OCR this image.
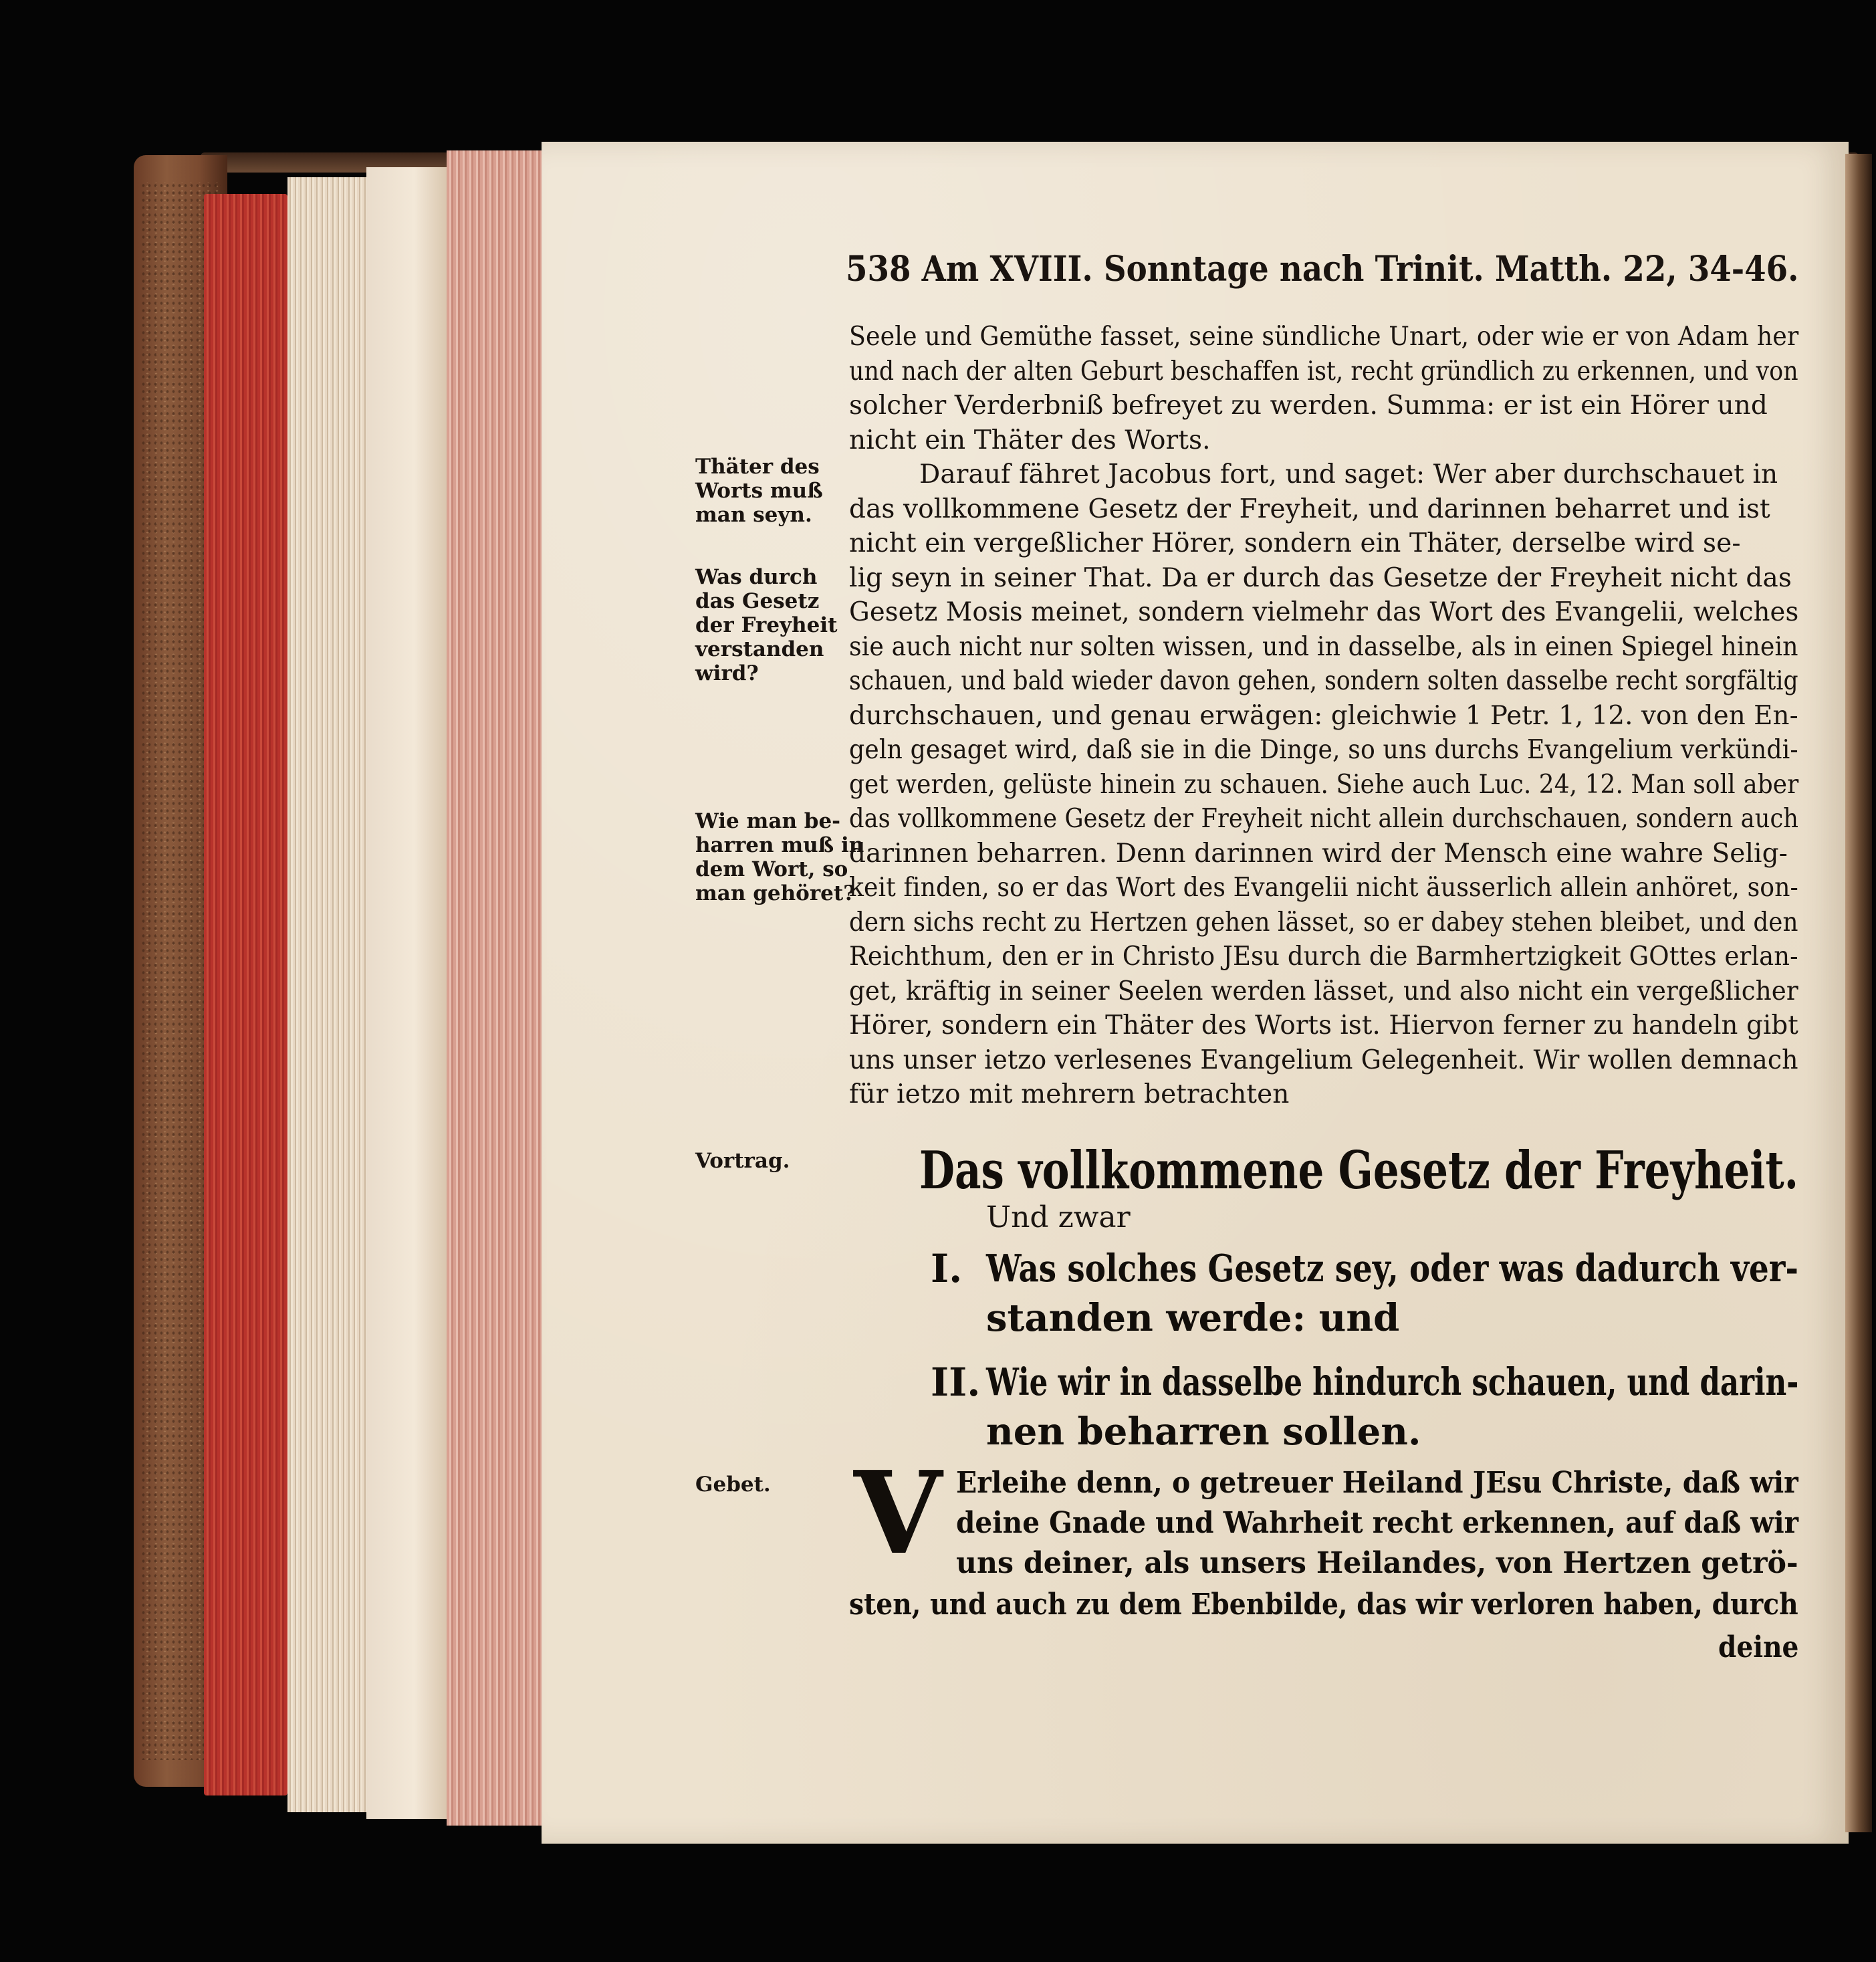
538 Am XVIII. Sonntage nach Trinit. Matth. 22, 34-46.
Seele und Gemüthe fasset, seine sündliche Unart, oder wie er von Adam her
und nach der alten Geburt beschaffen ist, recht gründlich zu erkennen, und von
solcher Verderbniß befreyet zu werden. Summa: er ist ein Hörer und
nicht ein Thäter des Worts.
Darauf fähret Jacobus fort, und saget: Wer aber durchschauet in
das vollkommene Gesetz der Freyheit, und darinnen beharret und ist
nicht ein vergeßlicher Hörer, sondern ein Thäter, derselbe wird se-
lig seyn in seiner That. Da er durch das Gesetze der Freyheit nicht das
Gesetz Mosis meinet, sondern vielmehr das Wort des Evangelii, welches
sie auch nicht nur solten wissen, und in dasselbe, als in einen Spiegel hinein
schauen, und bald wieder davon gehen, sondern solten dasselbe recht sorgfältig
durchschauen, und genau erwägen: gleichwie 1 Petr. 1, 12. von den En-
geln gesaget wird, daß sie in die Dinge, so uns durchs Evangelium verkündi-
get werden, gelüste hinein zu schauen. Siehe auch Luc. 24, 12. Man soll aber
das vollkommene Gesetz der Freyheit nicht allein durchschauen, sondern auch
darinnen beharren. Denn darinnen wird der Mensch eine wahre Selig-
keit finden, so er das Wort des Evangelii nicht äusserlich allein anhöret, son-
dern sichs recht zu Hertzen gehen lässet, so er dabey stehen bleibet, und den
Reichthum, den er in Christo JEsu durch die Barmhertzigkeit GOttes erlan-
get, kräftig in seiner Seelen werden lässet, und also nicht ein vergeßlicher
Hörer, sondern ein Thäter des Worts ist. Hiervon ferner zu handeln gibt
uns unser ietzo verlesenes Evangelium Gelegenheit. Wir wollen demnach
für ietzo mit mehrern betrachten
Thäter des
Worts muß
man seyn.
Was durch
das Gesetz
der Freyheit
verstanden
wird?
Wie man be-
harren muß in
dem Wort, so
man gehöret?
Vortrag.
Gebet.
Das vollkommene Gesetz der Freyheit.
Und zwar
I. Was solches Gesetz sey, oder was dadurch ver-
standen werde: und
II. Wie wir in dasselbe hindurch schauen, und darin-
nen beharren sollen.
V Erleihe denn, o getreuer Heiland JEsu Christe, daß wir
deine Gnade und Wahrheit recht erkennen, auf daß wir
uns deiner, als unsers Heilandes, von Hertzen getrö-
sten, und auch zu dem Ebenbilde, das wir verloren haben, durch
deine
